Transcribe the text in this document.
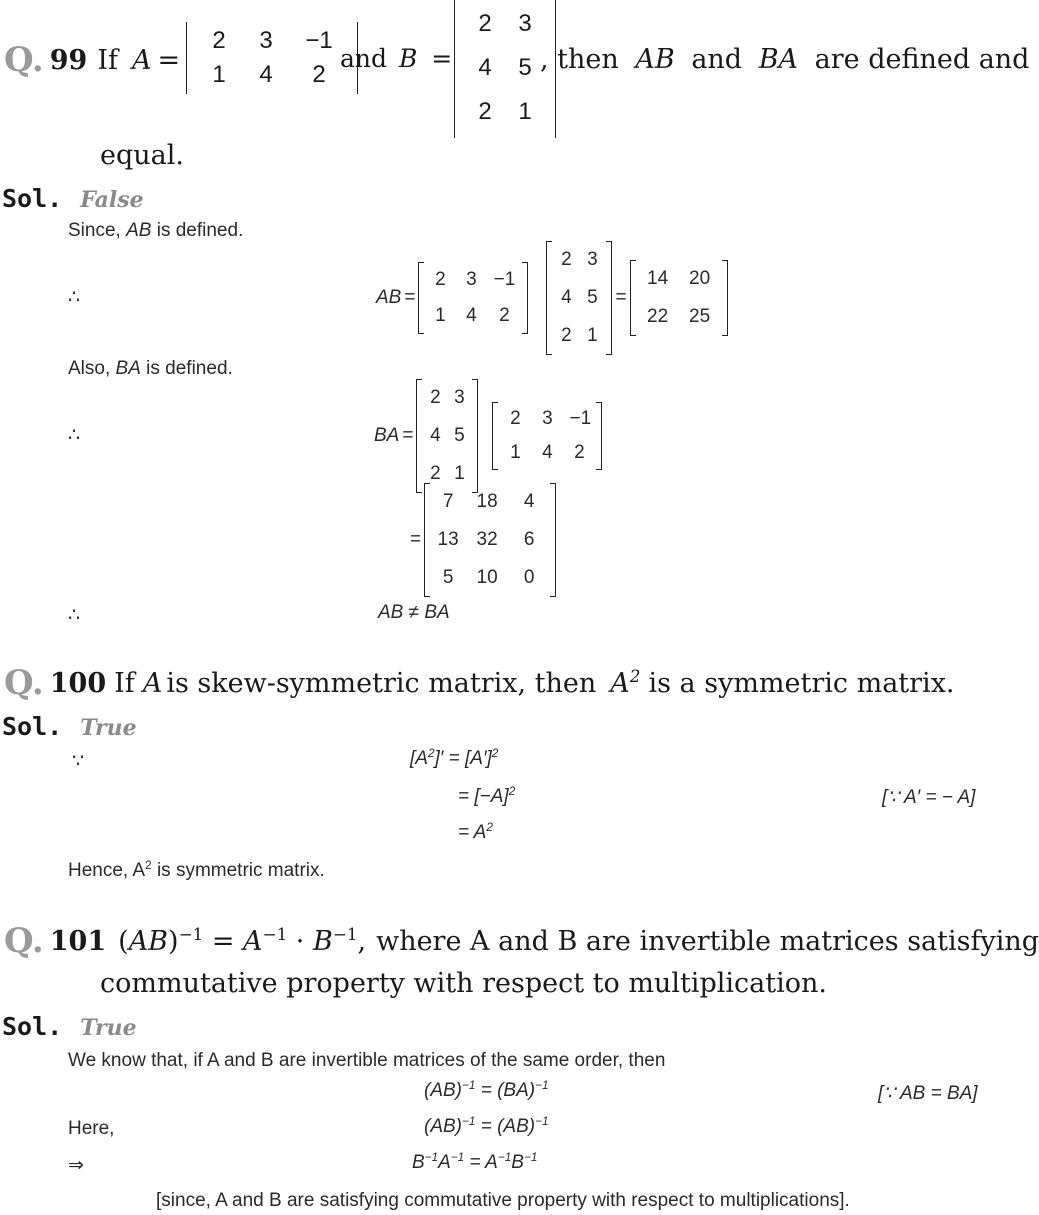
Q. 99 If A =
2	3	−1
1	4	2
and B =
2	3
4	5
2	1
, then AB and BA are defined and
equal.
Sol. False
Since, AB is defined.
∴	AB =
2	3 −1
1	4	2
2 3
4 5
2 1
=
14	20
22	25
Also, BA is defined.
∴	BA =
2 3
4 5
2 1
2	3 −1
1	4	2
=
7	18	4
13 32	6
5	10	0
∴	AB ≠ BA
Q. 100 If A is skew-symmetric matrix, then $A^2$ is a symmetric matrix.
Sol. True
∵	$[A^2]' = [A']^2$
= $[-A]^2$	[∵ A′ = − A]
= $A^2$
Hence, $A^2$ is symmetric matrix.
Q. 101 $(AB)^{-1} = A^{-1} \cdot B^{-1}$, where A and B are invertible matrices satisfying
commutative property with respect to multiplication.
Sol. True
We know that, if A and B are invertible matrices of the same order, then
(AB)$^{-1}$ = (BA)$^{-1}$	[∵ AB = BA]
Here,	(AB)$^{-1}$ = (AB)$^{-1}$
⇒	$B^{-1}A^{-1} = A^{-1}B^{-1}$
[since, A and B are satisfying commutative property with respect to multiplications].
